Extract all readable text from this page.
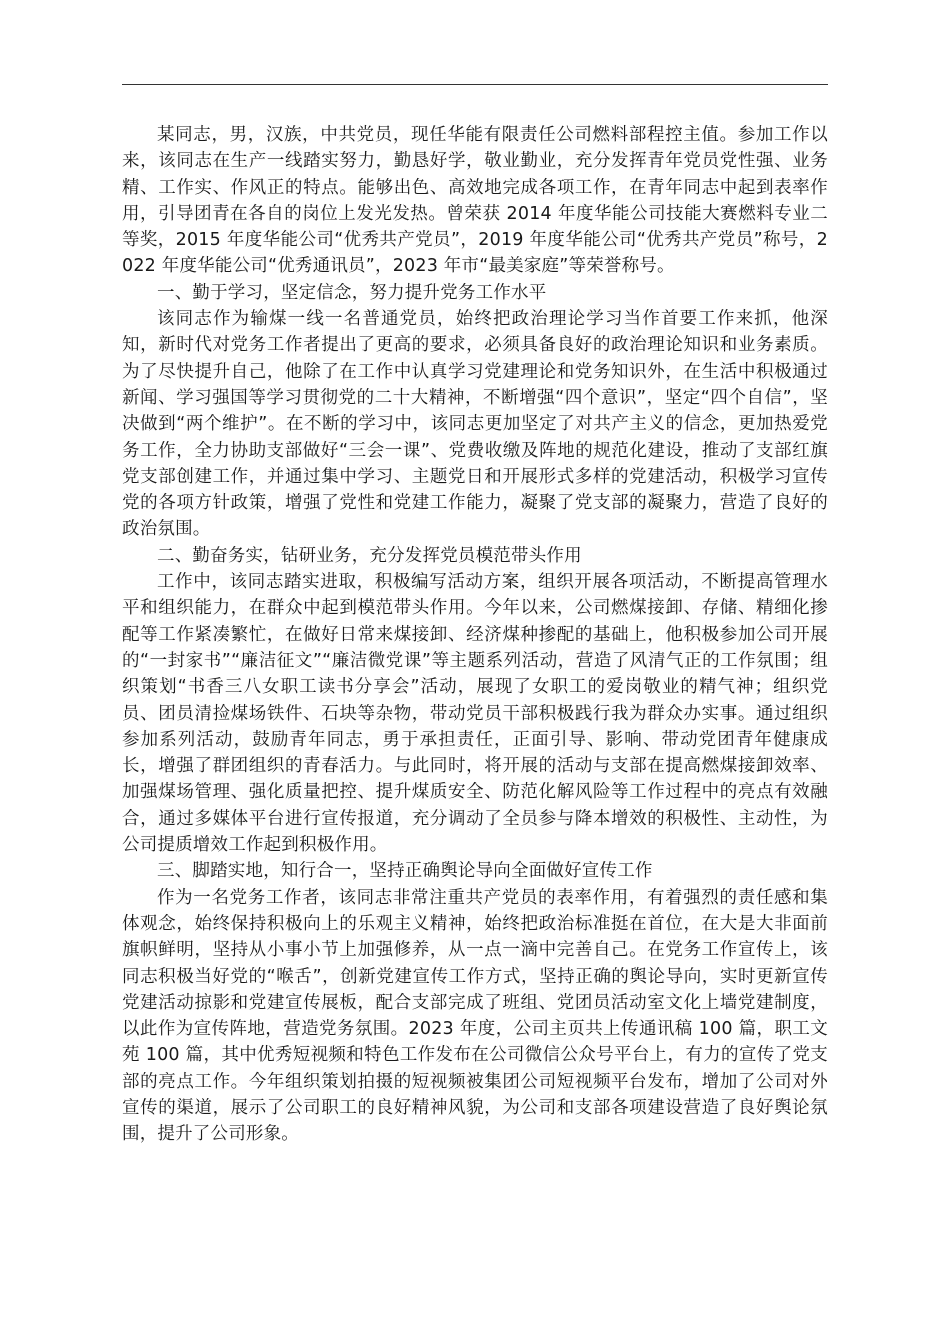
某同志，男，汉族，中共党员，现任华能有限责任公司燃料部程控主值。参加工作以来，该同志在生产一线踏实努力，勤恳好学，敬业勤业，充分发挥青年党员党性强、业务精、工作实、作风正的特点。能够出色、高效地完成各项工作，在青年同志中起到表率作用，引导团青在各自的岗位上发光发热。曾荣获 2014 年度华能公司技能大赛燃料专业二等奖，2015 年度华能公司“优秀共产党员”，2019 年度华能公司“优秀共产党员”称号，2022 年度华能公司“优秀通讯员”，2023 年市“最美家庭”等荣誉称号。

一、勤于学习，坚定信念，努力提升党务工作水平

该同志作为输煤一线一名普通党员，始终把政治理论学习当作首要工作来抓，他深知，新时代对党务工作者提出了更高的要求，必须具备良好的政治理论知识和业务素质。为了尽快提升自己，他除了在工作中认真学习党建理论和党务知识外，在生活中积极通过新闻、学习强国等学习贯彻党的二十大精神，不断增强“四个意识”，坚定“四个自信”，坚决做到“两个维护”。在不断的学习中，该同志更加坚定了对共产主义的信念，更加热爱党务工作，全力协助支部做好“三会一课”、党费收缴及阵地的规范化建设，推动了支部红旗党支部创建工作，并通过集中学习、主题党日和开展形式多样的党建活动，积极学习宣传党的各项方针政策，增强了党性和党建工作能力，凝聚了党支部的凝聚力，营造了良好的政治氛围。

二、勤奋务实，钻研业务，充分发挥党员模范带头作用

工作中，该同志踏实进取，积极编写活动方案，组织开展各项活动，不断提高管理水平和组织能力，在群众中起到模范带头作用。今年以来，公司燃煤接卸、存储、精细化掺配等工作紧凑繁忙，在做好日常来煤接卸、经济煤种掺配的基础上，他积极参加公司开展的“一封家书”“廉洁征文”“廉洁微党课”等主题系列活动，营造了风清气正的工作氛围；组织策划“书香三八女职工读书分享会”活动，展现了女职工的爱岗敬业的精气神；组织党员、团员清捡煤场铁件、石块等杂物，带动党员干部积极践行我为群众办实事。通过组织参加系列活动，鼓励青年同志，勇于承担责任，正面引导、影响、带动党团青年健康成长，增强了群团组织的青春活力。与此同时，将开展的活动与支部在提高燃煤接卸效率、加强煤场管理、强化质量把控、提升煤质安全、防范化解风险等工作过程中的亮点有效融合，通过多媒体平台进行宣传报道，充分调动了全员参与降本增效的积极性、主动性，为公司提质增效工作起到积极作用。

三、脚踏实地，知行合一，坚持正确舆论导向全面做好宣传工作

作为一名党务工作者，该同志非常注重共产党员的表率作用，有着强烈的责任感和集体观念，始终保持积极向上的乐观主义精神，始终把政治标准挺在首位，在大是大非面前旗帜鲜明，坚持从小事小节上加强修养，从一点一滴中完善自己。在党务工作宣传上，该同志积极当好党的“喉舌”，创新党建宣传工作方式，坚持正确的舆论导向，实时更新宣传党建活动掠影和党建宣传展板，配合支部完成了班组、党团员活动室文化上墙党建制度，以此作为宣传阵地，营造党务氛围。2023 年度，公司主页共上传通讯稿 100 篇，职工文苑 100 篇，其中优秀短视频和特色工作发布在公司微信公众号平台上，有力的宣传了党支部的亮点工作。今年组织策划拍摄的短视频被集团公司短视频平台发布，增加了公司对外宣传的渠道，展示了公司职工的良好精神风貌，为公司和支部各项建设营造了良好舆论氛围，提升了公司形象。
